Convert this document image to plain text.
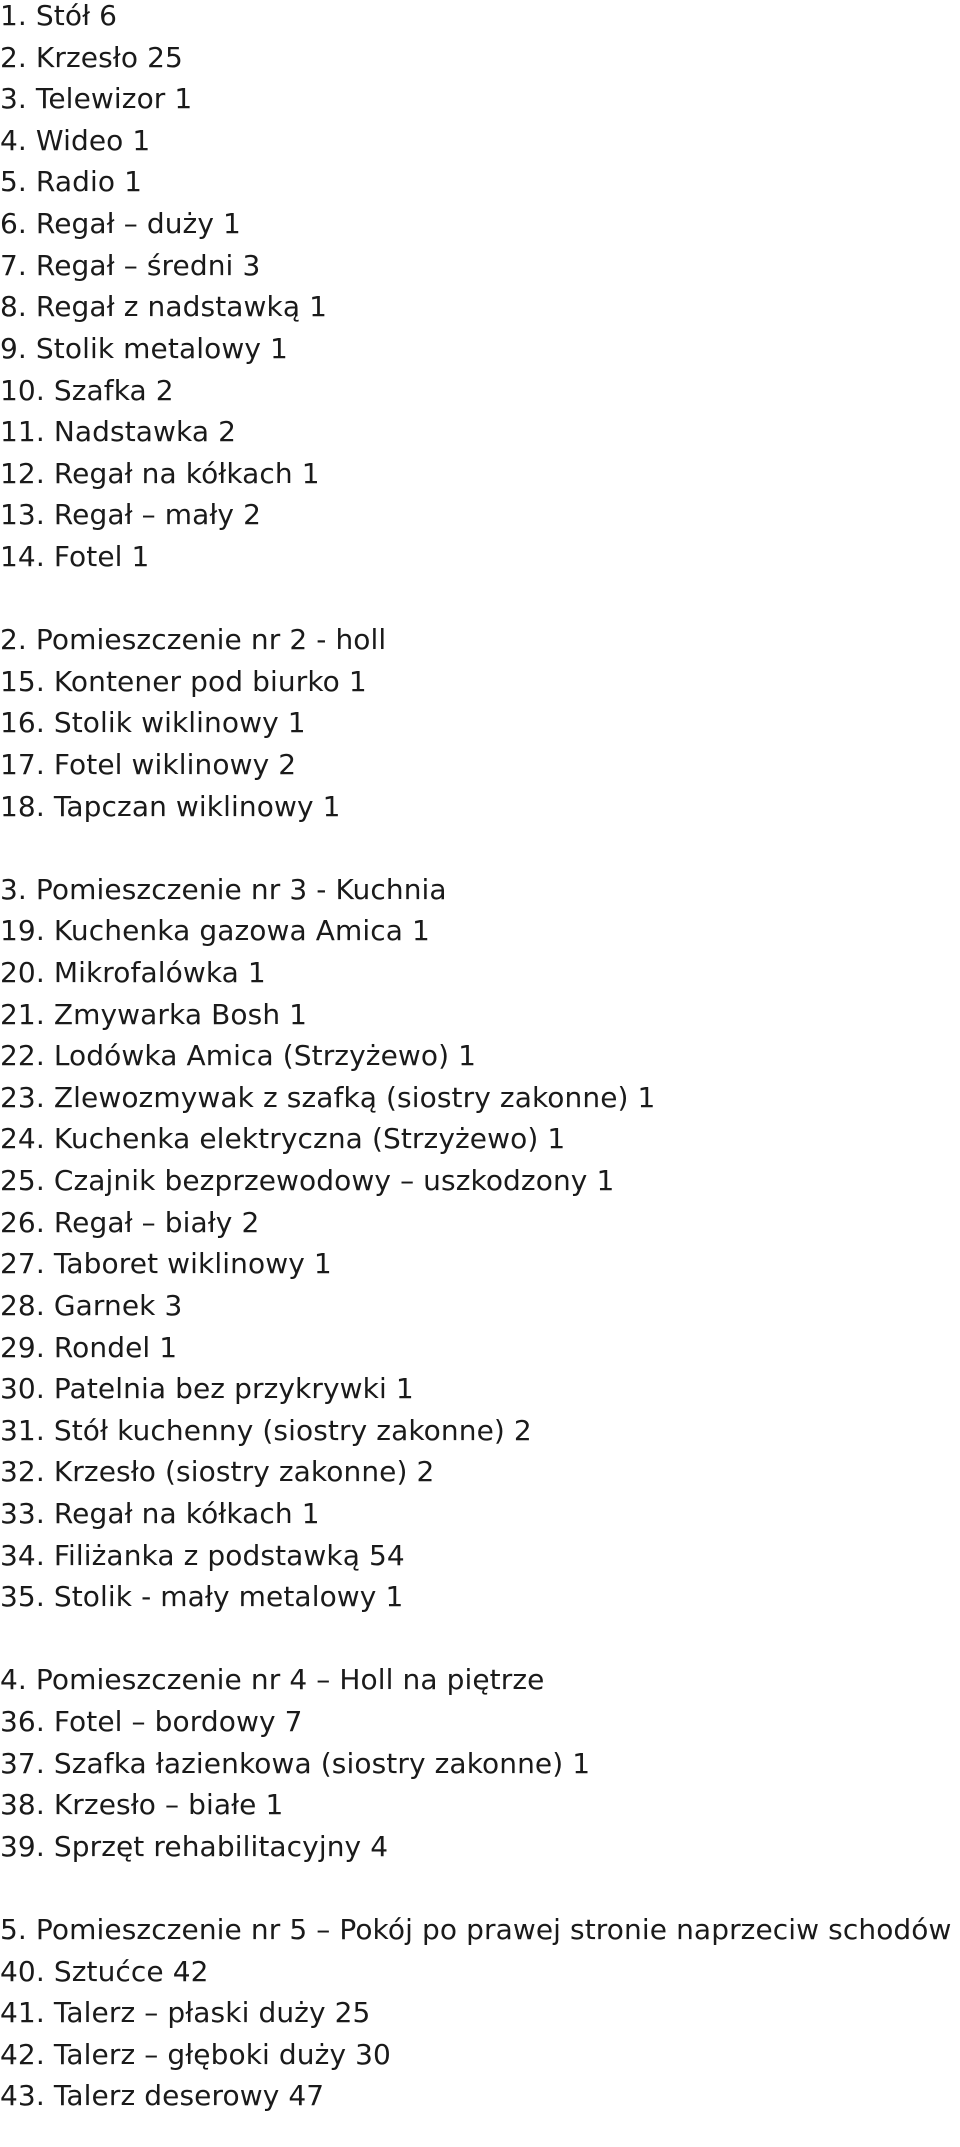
1. Stół 6
2. Krzesło 25
3. Telewizor 1
4. Wideo 1
5. Radio 1
6. Regał – duży 1
7. Regał – średni 3
8. Regał z nadstawką 1
9. Stolik metalowy 1
10. Szafka 2
11. Nadstawka 2
12. Regał na kółkach 1
13. Regał – mały 2
14. Fotel 1
2. Pomieszczenie nr 2 - holl
15. Kontener pod biurko 1
16. Stolik wiklinowy 1
17. Fotel wiklinowy 2
18. Tapczan wiklinowy 1
3. Pomieszczenie nr 3 - Kuchnia
19. Kuchenka gazowa Amica 1
20. Mikrofalówka 1
21. Zmywarka Bosh 1
22. Lodówka Amica (Strzyżewo) 1
23. Zlewozmywak z szafką (siostry zakonne) 1
24. Kuchenka elektryczna (Strzyżewo) 1
25. Czajnik bezprzewodowy – uszkodzony 1
26. Regał – biały 2
27. Taboret wiklinowy 1
28. Garnek 3
29. Rondel 1
30. Patelnia bez przykrywki 1
31. Stół kuchenny (siostry zakonne) 2
32. Krzesło (siostry zakonne) 2
33. Regał na kółkach 1
34. Filiżanka z podstawką 54
35. Stolik - mały metalowy 1
4. Pomieszczenie nr 4 – Holl na piętrze
36. Fotel – bordowy 7
37. Szafka łazienkowa (siostry zakonne) 1
38. Krzesło – białe 1
39. Sprzęt rehabilitacyjny 4
5. Pomieszczenie nr 5 – Pokój po prawej stronie naprzeciw schodów
40. Sztućce 42
41. Talerz – płaski duży 25
42. Talerz – głęboki duży 30
43. Talerz deserowy 47
